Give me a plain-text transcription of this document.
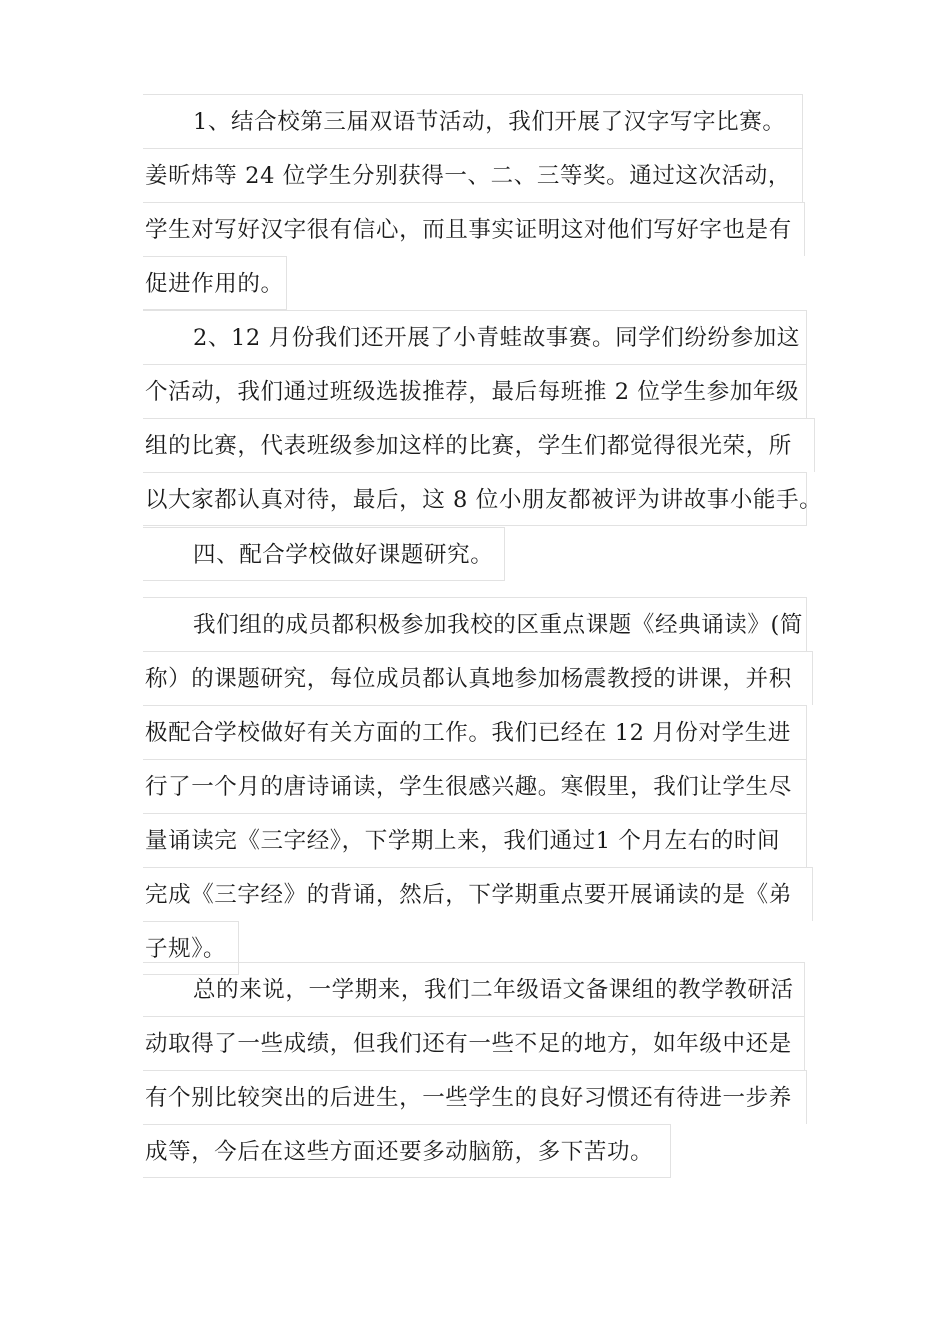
1、结合校第三届双语节活动，我们开展了汉字写字比赛。
姜昕炜等 24 位学生分别获得一、二、三等奖。通过这次活动，
学生对写好汉字很有信心，而且事实证明这对他们写好字也是有
促进作用的。
2、12 月份我们还开展了小青蛙故事赛。同学们纷纷参加这
个活动，我们通过班级选拔推荐，最后每班推 2 位学生参加年级
组的比赛，代表班级参加这样的比赛，学生们都觉得很光荣，所
以大家都认真对待，最后，这 8 位小朋友都被评为讲故事小能手。
四、配合学校做好课题研究。
我们组的成员都积极参加我校的区重点课题《经典诵读》(简
称）的课题研究，每位成员都认真地参加杨震教授的讲课，并积
极配合学校做好有关方面的工作。我们已经在 12 月份对学生进
行了一个月的唐诗诵读，学生很感兴趣。寒假里，我们让学生尽
量诵读完《三字经》，下学期上来，我们通过1 个月左右的时间
完成《三字经》的背诵，然后，下学期重点要开展诵读的是《弟
子规》。
总的来说，一学期来，我们二年级语文备课组的教学教研活
动取得了一些成绩，但我们还有一些不足的地方，如年级中还是
有个别比较突出的后进生，一些学生的良好习惯还有待进一步养
成等，今后在这些方面还要多动脑筋，多下苦功。
